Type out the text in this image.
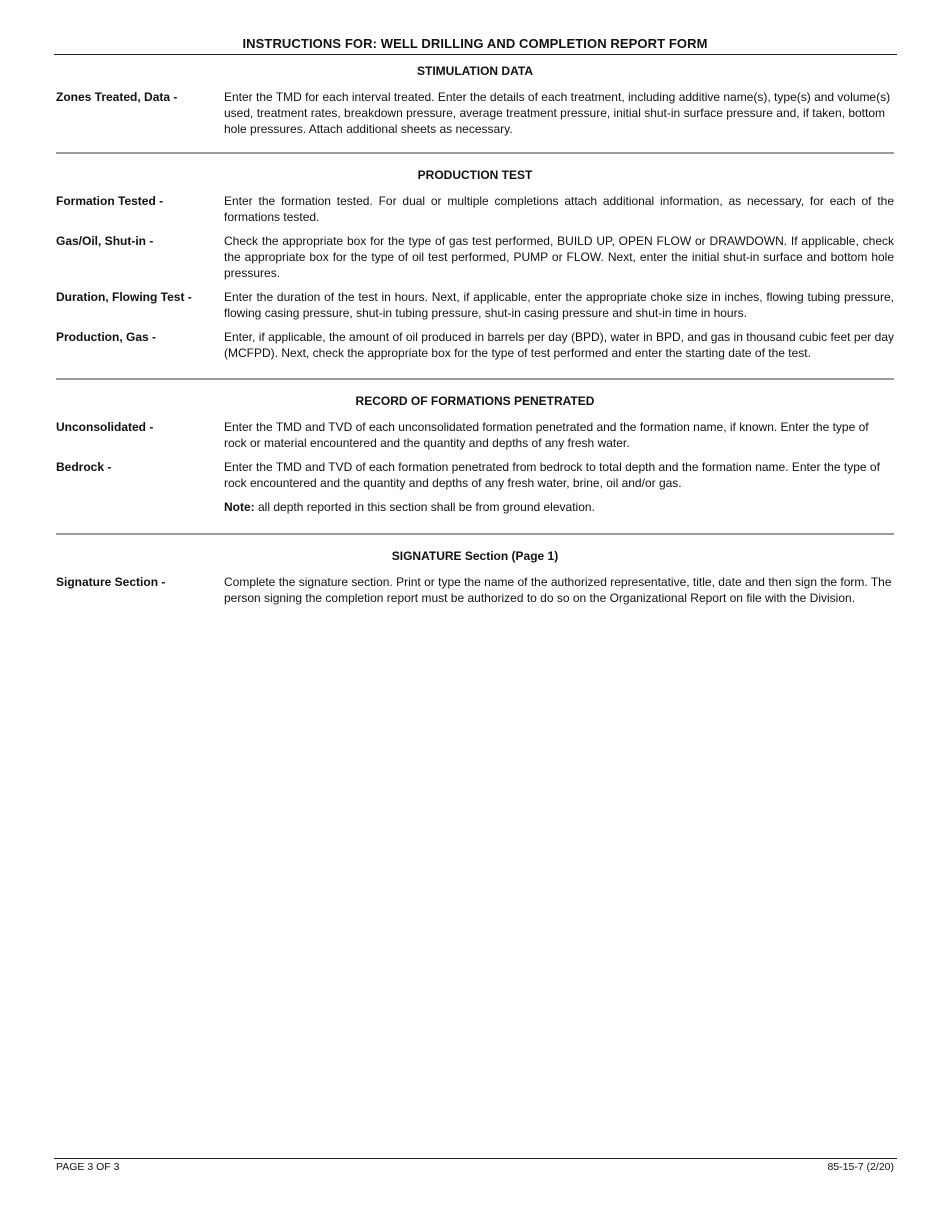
INSTRUCTIONS FOR: WELL DRILLING AND COMPLETION REPORT FORM
STIMULATION DATA
Zones Treated, Data -	Enter the TMD for each interval treated. Enter the details of each treatment, including additive name(s), type(s) and volume(s) used, treatment rates, breakdown pressure, average treatment pressure, initial shut-in surface pressure and, if taken, bottom hole pressures. Attach additional sheets as necessary.
PRODUCTION TEST
Formation Tested -	Enter the formation tested. For dual or multiple completions attach additional information, as necessary, for each of the formations tested.
Gas/Oil, Shut-in -	Check the appropriate box for the type of gas test performed, BUILD UP, OPEN FLOW or DRAWDOWN. If applicable, check the appropriate box for the type of oil test performed, PUMP or FLOW. Next, enter the initial shut-in surface and bottom hole pressures.
Duration, Flowing Test -	Enter the duration of the test in hours. Next, if applicable, enter the appropriate choke size in inches, flowing tubing pressure, flowing casing pressure, shut-in tubing pressure, shut-in casing pressure and shut-in time in hours.
Production, Gas -	Enter, if applicable, the amount of oil produced in barrels per day (BPD), water in BPD, and gas in thousand cubic feet per day (MCFPD). Next, check the appropriate box for the type of test performed and enter the starting date of the test.
RECORD OF FORMATIONS PENETRATED
Unconsolidated -	Enter the TMD and TVD of each unconsolidated formation penetrated and the formation name, if known. Enter the type of rock or material encountered and the quantity and depths of any fresh water.
Bedrock -	Enter the TMD and TVD of each formation penetrated from bedrock to total depth and the formation name. Enter the type of rock encountered and the quantity and depths of any fresh water, brine, oil and/or gas.
Note: all depth reported in this section shall be from ground elevation.
SIGNATURE Section (Page 1)
Signature Section -	Complete the signature section. Print or type the name of the authorized representative, title, date and then sign the form. The person signing the completion report must be authorized to do so on the Organizational Report on file with the Division.
PAGE 3 OF 3	85-15-7 (2/20)
